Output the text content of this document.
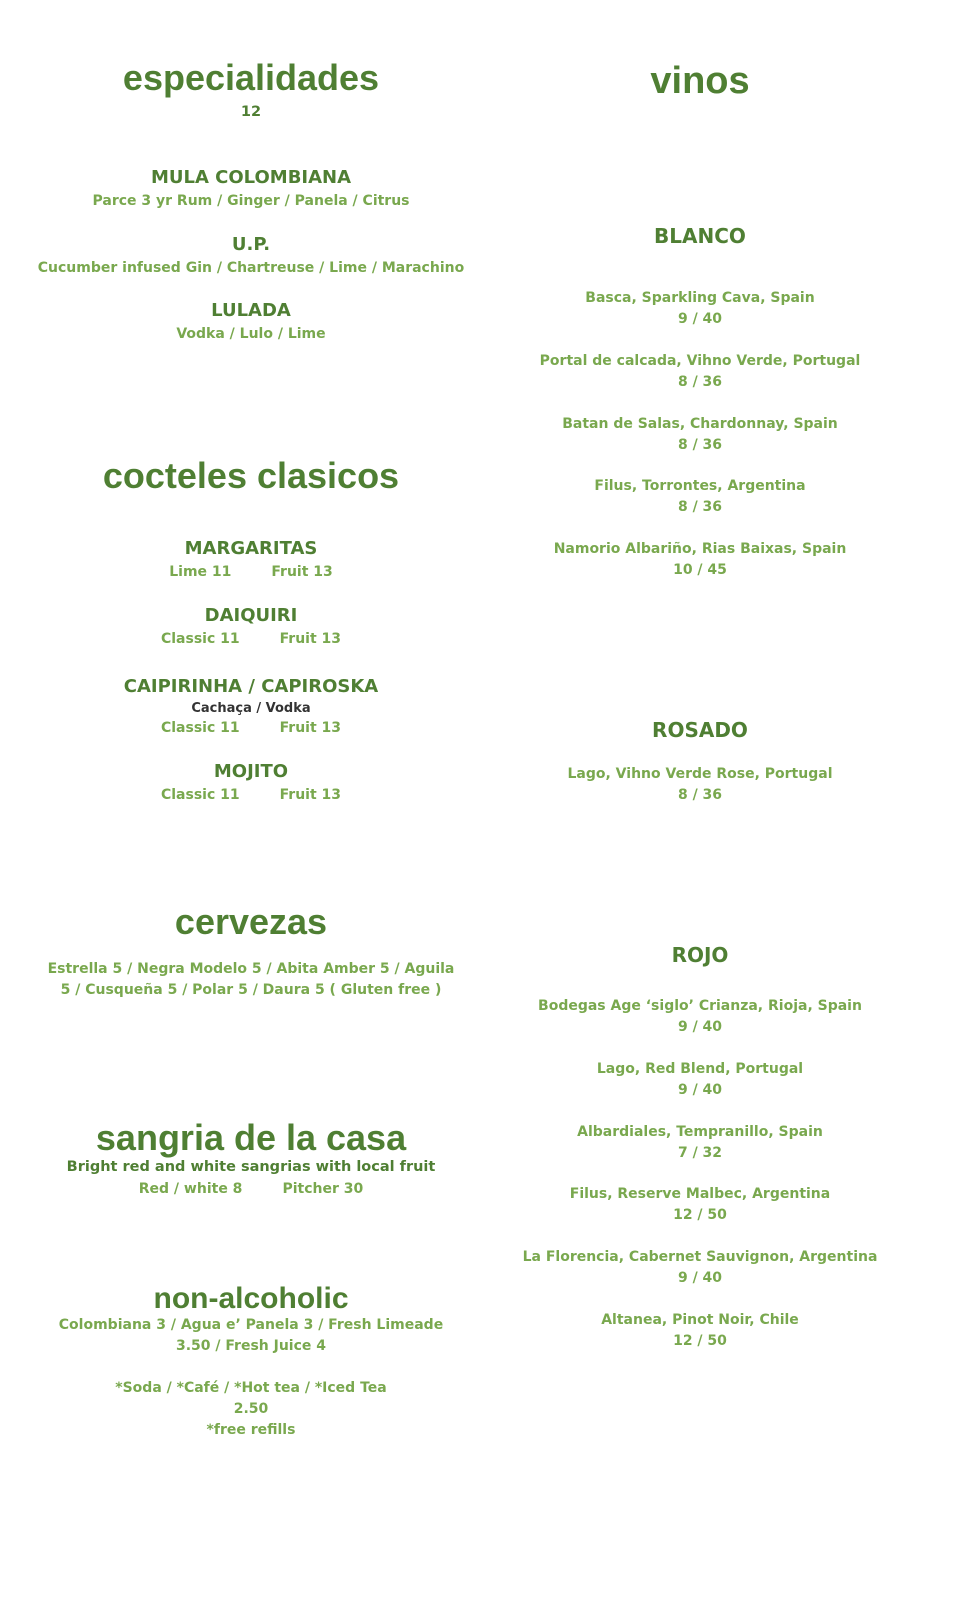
especialidades
12
MULA COLOMBIANA
Parce 3 yr Rum / Ginger / Panela / Citrus
U.P.
Cucumber infused Gin / Chartreuse / Lime / Marachino
LULADA
Vodka / Lulo / Lime
cocteles clasicos
MARGARITAS
Lime 11	Fruit 13
DAIQUIRI
Classic 11	Fruit 13
CAIPIRINHA / CAPIROSKA
Cachaça / Vodka
Classic 11	Fruit 13
MOJITO
Classic 11	Fruit 13
cervezas
Estrella 5 / Negra Modelo 5 / Abita Amber 5 / Aguila
5 / Cusqueña 5 / Polar 5 / Daura 5 ( Gluten free )
sangria de la casa
Bright red and white sangrias with local fruit
Red / white 8	Pitcher 30
non-alcoholic
Colombiana 3 / Agua e’ Panela 3 / Fresh Limeade
3.50 / Fresh Juice 4
*Soda / *Café / *Hot tea / *Iced Tea
2.50
*free refills
vinos
BLANCO
Basca, Sparkling Cava, Spain
9 / 40
Portal de calcada, Vihno Verde, Portugal
8 / 36
Batan de Salas, Chardonnay, Spain
8 / 36
Filus, Torrontes, Argentina
8 / 36
Namorio Albariño, Rias Baixas, Spain
10 / 45
ROSADO
Lago, Vihno Verde Rose, Portugal
8 / 36
ROJO
Bodegas Age ‘siglo’ Crianza, Rioja, Spain
9 / 40
Lago, Red Blend, Portugal
9 / 40
Albardiales, Tempranillo, Spain
7 / 32
Filus, Reserve Malbec, Argentina
12 / 50
La Florencia, Cabernet Sauvignon, Argentina
9 / 40
Altanea, Pinot Noir, Chile
12 / 50
